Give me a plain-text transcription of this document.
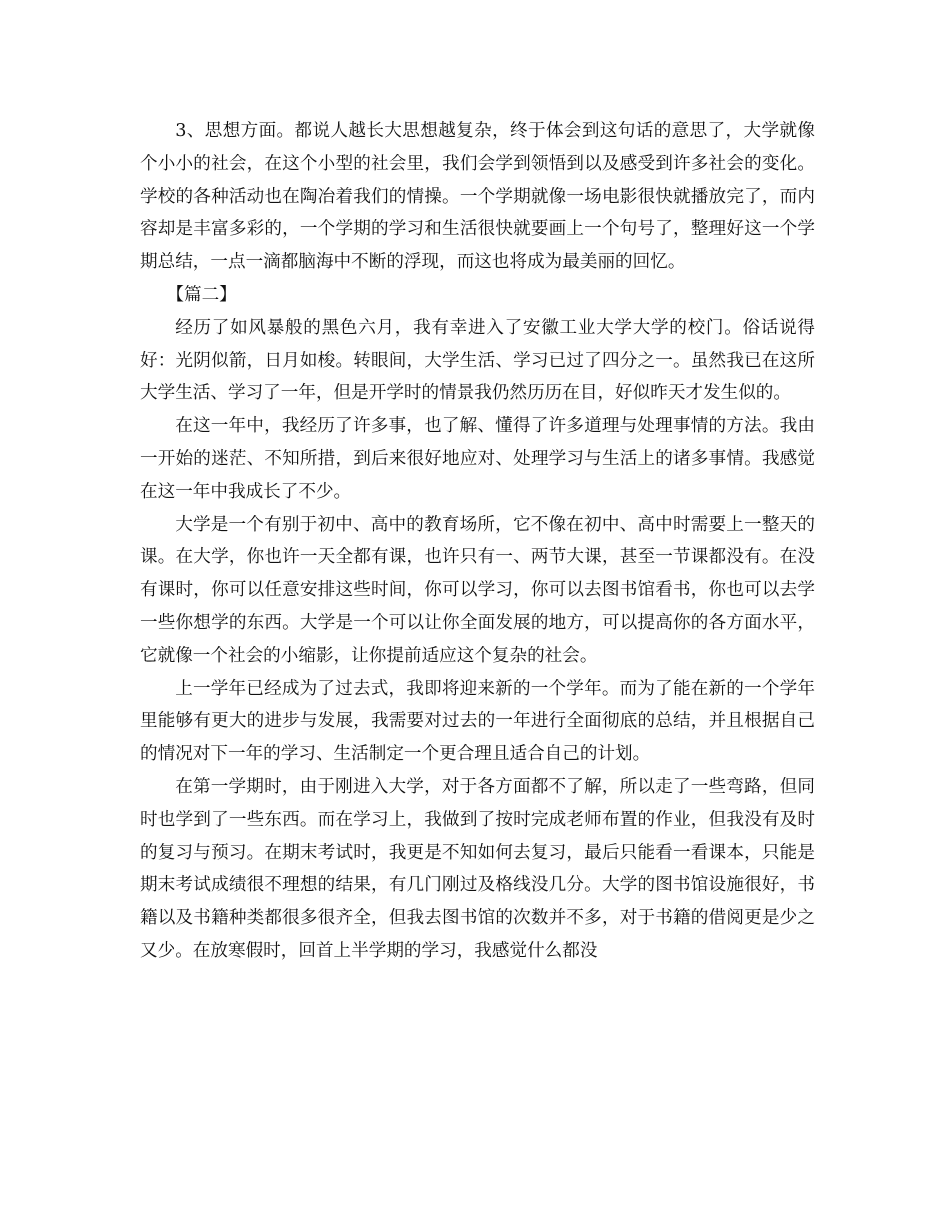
3、思想方面。都说人越长大思想越复杂，终于体会到这句话的意思了，大学就像个小小的社会，在这个小型的社会里，我们会学到领悟到以及感受到许多社会的变化。学校的各种活动也在陶冶着我们的情操。一个学期就像一场电影很快就播放完了，而内容却是丰富多彩的，一个学期的学习和生活很快就要画上一个句号了，整理好这一个学期总结，一点一滴都脑海中不断的浮现，而这也将成为最美丽的回忆。

【篇二】

经历了如风暴般的黑色六月，我有幸进入了安徽工业大学大学的校门。俗话说得好：光阴似箭，日月如梭。转眼间，大学生活、学习已过了四分之一。虽然我已在这所大学生活、学习了一年，但是开学时的情景我仍然历历在目，好似昨天才发生似的。

在这一年中，我经历了许多事，也了解、懂得了许多道理与处理事情的方法。我由一开始的迷茫、不知所措，到后来很好地应对、处理学习与生活上的诸多事情。我感觉在这一年中我成长了不少。

大学是一个有别于初中、高中的教育场所，它不像在初中、高中时需要上一整天的课。在大学，你也许一天全都有课，也许只有一、两节大课，甚至一节课都没有。在没有课时，你可以任意安排这些时间，你可以学习，你可以去图书馆看书，你也可以去学一些你想学的东西。大学是一个可以让你全面发展的地方，可以提高你的各方面水平，它就像一个社会的小缩影，让你提前适应这个复杂的社会。

上一学年已经成为了过去式，我即将迎来新的一个学年。而为了能在新的一个学年里能够有更大的进步与发展，我需要对过去的一年进行全面彻底的总结，并且根据自己的情况对下一年的学习、生活制定一个更合理且适合自己的计划。

在第一学期时，由于刚进入大学，对于各方面都不了解，所以走了一些弯路，但同时也学到了一些东西。而在学习上，我做到了按时完成老师布置的作业，但我没有及时的复习与预习。在期末考试时，我更是不知如何去复习，最后只能看一看课本，只能是期末考试成绩很不理想的结果，有几门刚过及格线没几分。大学的图书馆设施很好，书籍以及书籍种类都很多很齐全，但我去图书馆的次数并不多，对于书籍的借阅更是少之又少。在放寒假时，回首上半学期的学习，我感觉什么都没
